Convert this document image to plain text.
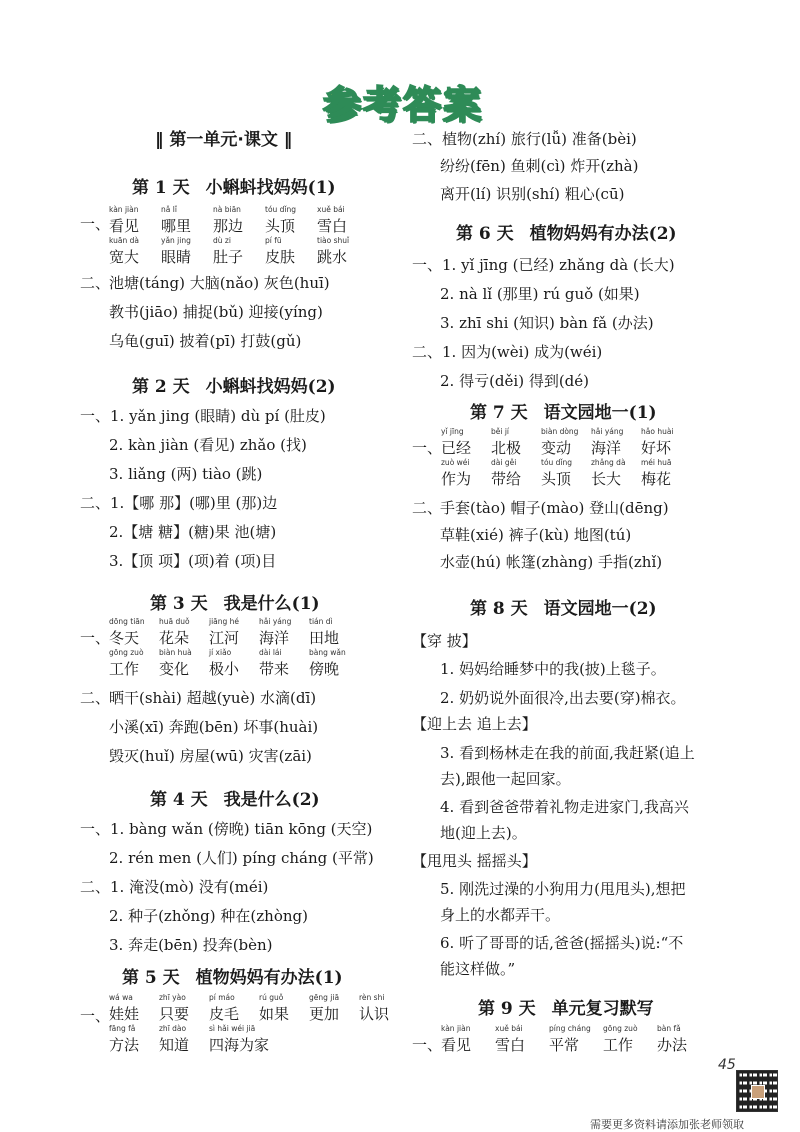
参考答案
‖ 第一单元·课文 ‖
第 1 天 小蝌蚪找妈妈(1)
一、
kàn jiàn
看见
nǎ lǐ
哪里
nà biān
那边
tóu dǐng
头顶
xuě bái
雪白
kuān dà
宽大
yǎn jing
眼睛
dù zi
肚子
pí fū
皮肤
tiào shuǐ
跳水
二、
池塘(táng) 大脑(nǎo) 灰色(huī)
教书(jiāo) 捕捉(bǔ) 迎接(yíng)
乌龟(guī) 披着(pī) 打鼓(gǔ)
第 2 天 小蝌蚪找妈妈(2)
一、1. yǎn jing (眼睛) dù pí (肚皮)
2. kàn jiàn (看见) zhǎo (找)
3. liǎng (两) tiào (跳)
二、1.【哪 那】(哪)里 (那)边
2.【塘 糖】(糖)果 池(塘)
3.【顶 项】(项)着 (项)目
第 3 天 我是什么(1)
一、
dōng tiān
冬天
huā duǒ
花朵
jiāng hé
江河
hǎi yáng
海洋
tián dì
田地
gōng zuò
工作
biàn huà
变化
jí xiǎo
极小
dài lái
带来
bàng wǎn
傍晚
二、
晒干(shài) 超越(yuè) 水滴(dī)
小溪(xī) 奔跑(bēn) 坏事(huài)
毁灭(huǐ) 房屋(wū) 灾害(zāi)
第 4 天 我是什么(2)
一、1. bàng wǎn (傍晚) tiān kōng (天空)
2. rén men (人们) píng cháng (平常)
二、1. 淹没(mò) 没有(méi)
2. 种子(zhǒng) 种在(zhòng)
3. 奔走(bēn) 投奔(bèn)
第 5 天 植物妈妈有办法(1)
一、
wá wa
娃娃
zhī yào
只要
pí máo
皮毛
rú guǒ
如果
gēng jiā
更加
rèn shi
认识
fāng fǎ
方法
zhī dào
知道
sì hǎi wéi jiā
四海为家
二、植物(zhí) 旅行(lǚ) 准备(bèi)
纷纷(fēn) 鱼刺(cì) 炸开(zhà)
离开(lí) 识别(shí) 粗心(cū)
第 6 天 植物妈妈有办法(2)
一、1. yǐ jīng (已经) zhǎng dà (长大)
2. nà lǐ (那里) rú guǒ (如果)
3. zhī shi (知识) bàn fǎ (办法)
二、1. 因为(wèi) 成为(wéi)
2. 得亏(děi) 得到(dé)
第 7 天 语文园地一(1)
一、
yǐ jīng
已经
běi jí
北极
biàn dòng
变动
hǎi yáng
海洋
hǎo huài
好坏
zuò wéi
作为
dài gěi
带给
tóu dǐng
头顶
zhǎng dà
长大
méi huā
梅花
二、
手套(tào) 帽子(mào) 登山(dēng)
草鞋(xié) 裤子(kù) 地图(tú)
水壶(hú) 帐篷(zhàng) 手指(zhǐ)
第 8 天 语文园地一(2)
【穿 披】
1. 妈妈给睡梦中的我(披)上毯子。
2. 奶奶说外面很冷,出去要(穿)棉衣。
【迎上去 追上去】
3. 看到杨林走在我的前面,我赶紧(追上
去),跟他一起回家。
4. 看到爸爸带着礼物走进家门,我高兴
地(迎上去)。
【甩甩头 摇摇头】
5. 刚洗过澡的小狗用力(甩甩头),想把
身上的水都弄干。
6. 听了哥哥的话,爸爸(摇摇头)说:“不
能这样做。”
第 9 天 单元复习默写
一、
kàn jiàn
看见
xuě bái
雪白
píng cháng
平常
gōng zuò
工作
bàn fǎ
办法
45
需要更多资料请添加张老师领取
